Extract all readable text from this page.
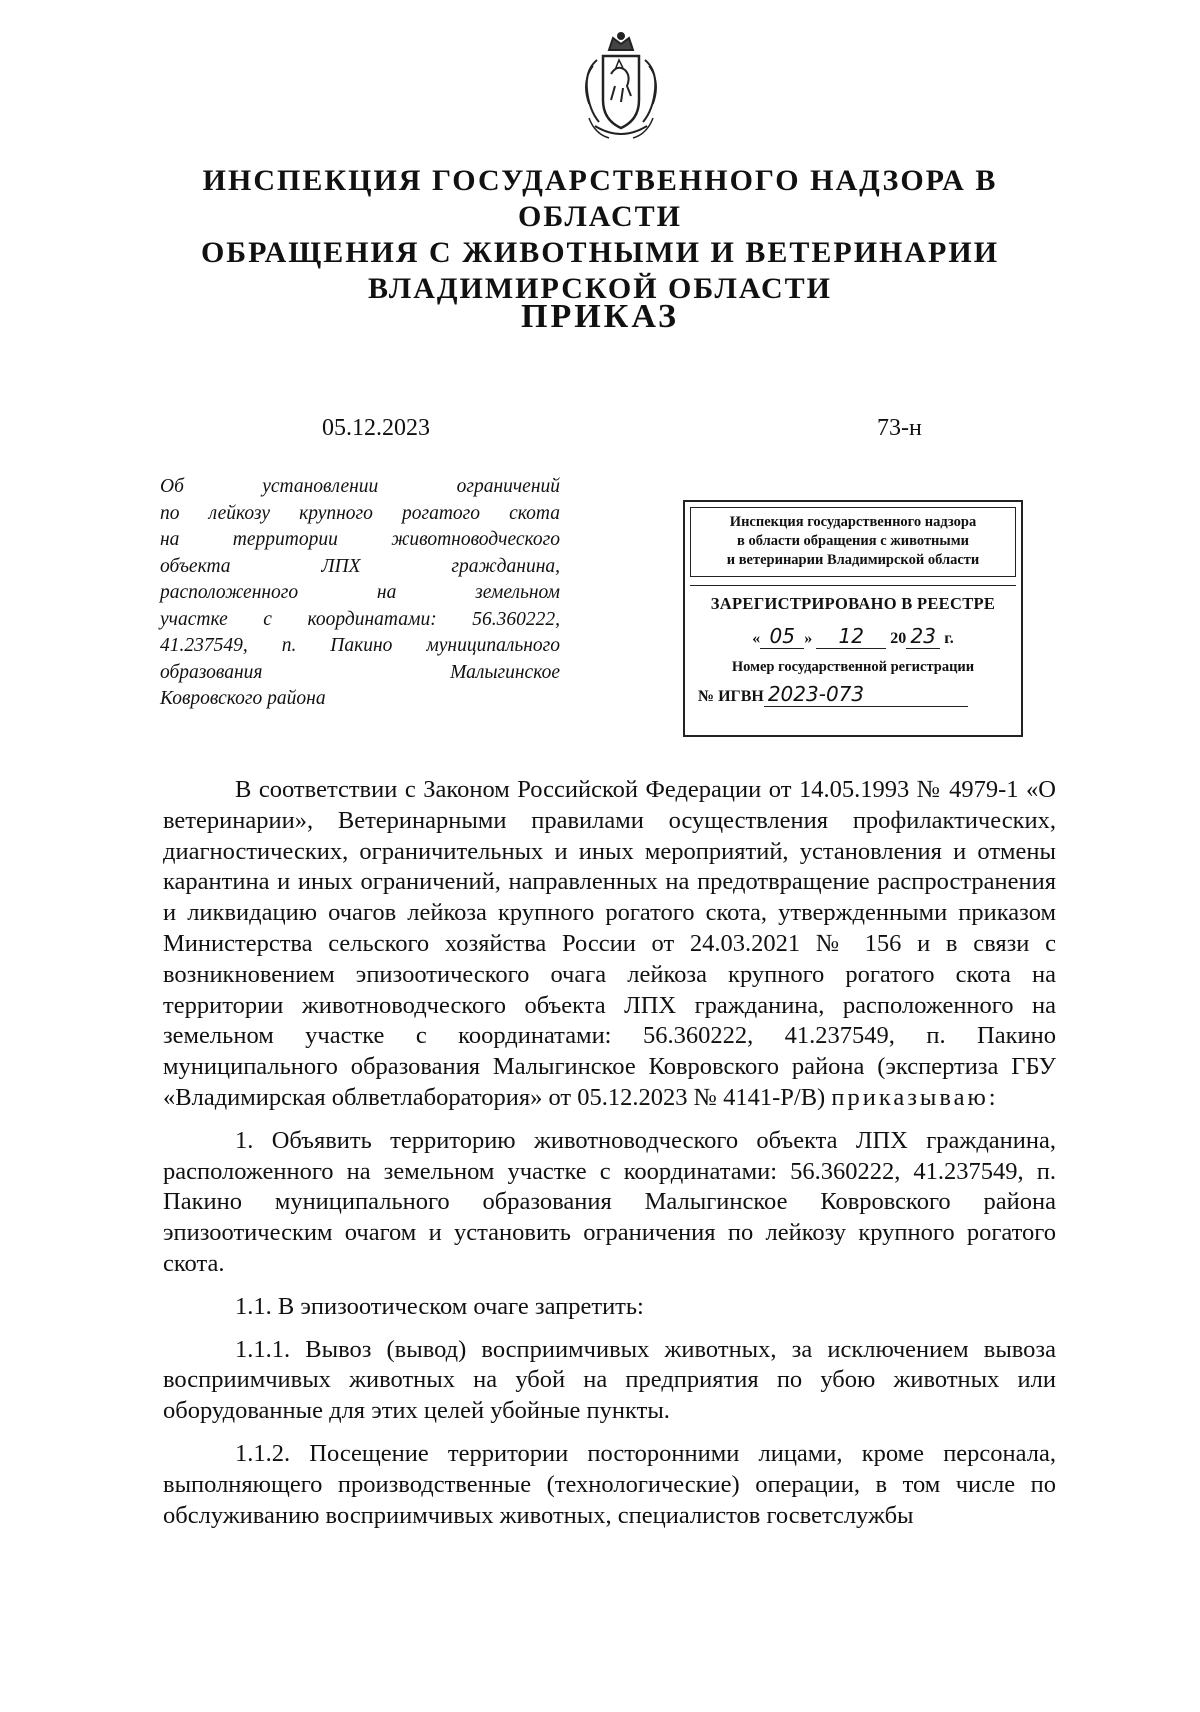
ИНСПЕКЦИЯ ГОСУДАРСТВЕННОГО НАДЗОРА В ОБЛАСТИ
ОБРАЩЕНИЯ С ЖИВОТНЫМИ И ВЕТЕРИНАРИИ
ВЛАДИМИРСКОЙ ОБЛАСТИ
ПРИКАЗ
05.12.2023	73-н

Об установлении ограничений
по лейкозу крупного рогатого скота
на территории животноводческого
объекта ЛПХ гражданина,
расположенного на земельном
участке с координатами: 56.360222,
41.237549, п. Пакино муниципального
образования Малыгинское
Ковровского района

Инспекция государственного надзора
в области обращения с животными
и ветеринарии Владимирской области
ЗАРЕГИСТРИРОВАНО В РЕЕСТРЕ
« 05 » 12 20 23 г.
Номер государственной регистрации
№ ИГВН 2023-073

В соответствии с Законом Российской Федерации от 14.05.1993 № 4979-1 «О ветеринарии», Ветеринарными правилами осуществления профилактических, диагностических, ограничительных и иных мероприятий, установления и отмены карантина и иных ограничений, направленных на предотвращение распространения и ликвидацию очагов лейкоза крупного рогатого скота, утвержденными приказом Министерства сельского хозяйства России от 24.03.2021 № 156 и в связи с возникновением эпизоотического очага лейкоза крупного рогатого скота на территории животноводческого объекта ЛПХ гражданина, расположенного на земельном участке с координатами: 56.360222, 41.237549, п. Пакино муниципального образования Малыгинское Ковровского района (экспертиза ГБУ «Владимирская облветлаборатория» от 05.12.2023 № 4141-Р/В) приказываю:

1. Объявить территорию животноводческого объекта ЛПХ гражданина, расположенного на земельном участке с координатами: 56.360222, 41.237549, п. Пакино муниципального образования Малыгинское Ковровского района эпизоотическим очагом и установить ограничения по лейкозу крупного рогатого скота.

1.1. В эпизоотическом очаге запретить:

1.1.1. Вывоз (вывод) восприимчивых животных, за исключением вывоза восприимчивых животных на убой на предприятия по убою животных или оборудованные для этих целей убойные пункты.

1.1.2. Посещение территории посторонними лицами, кроме персонала, выполняющего производственные (технологические) операции, в том числе по обслуживанию восприимчивых животных, специалистов госветслужбы
